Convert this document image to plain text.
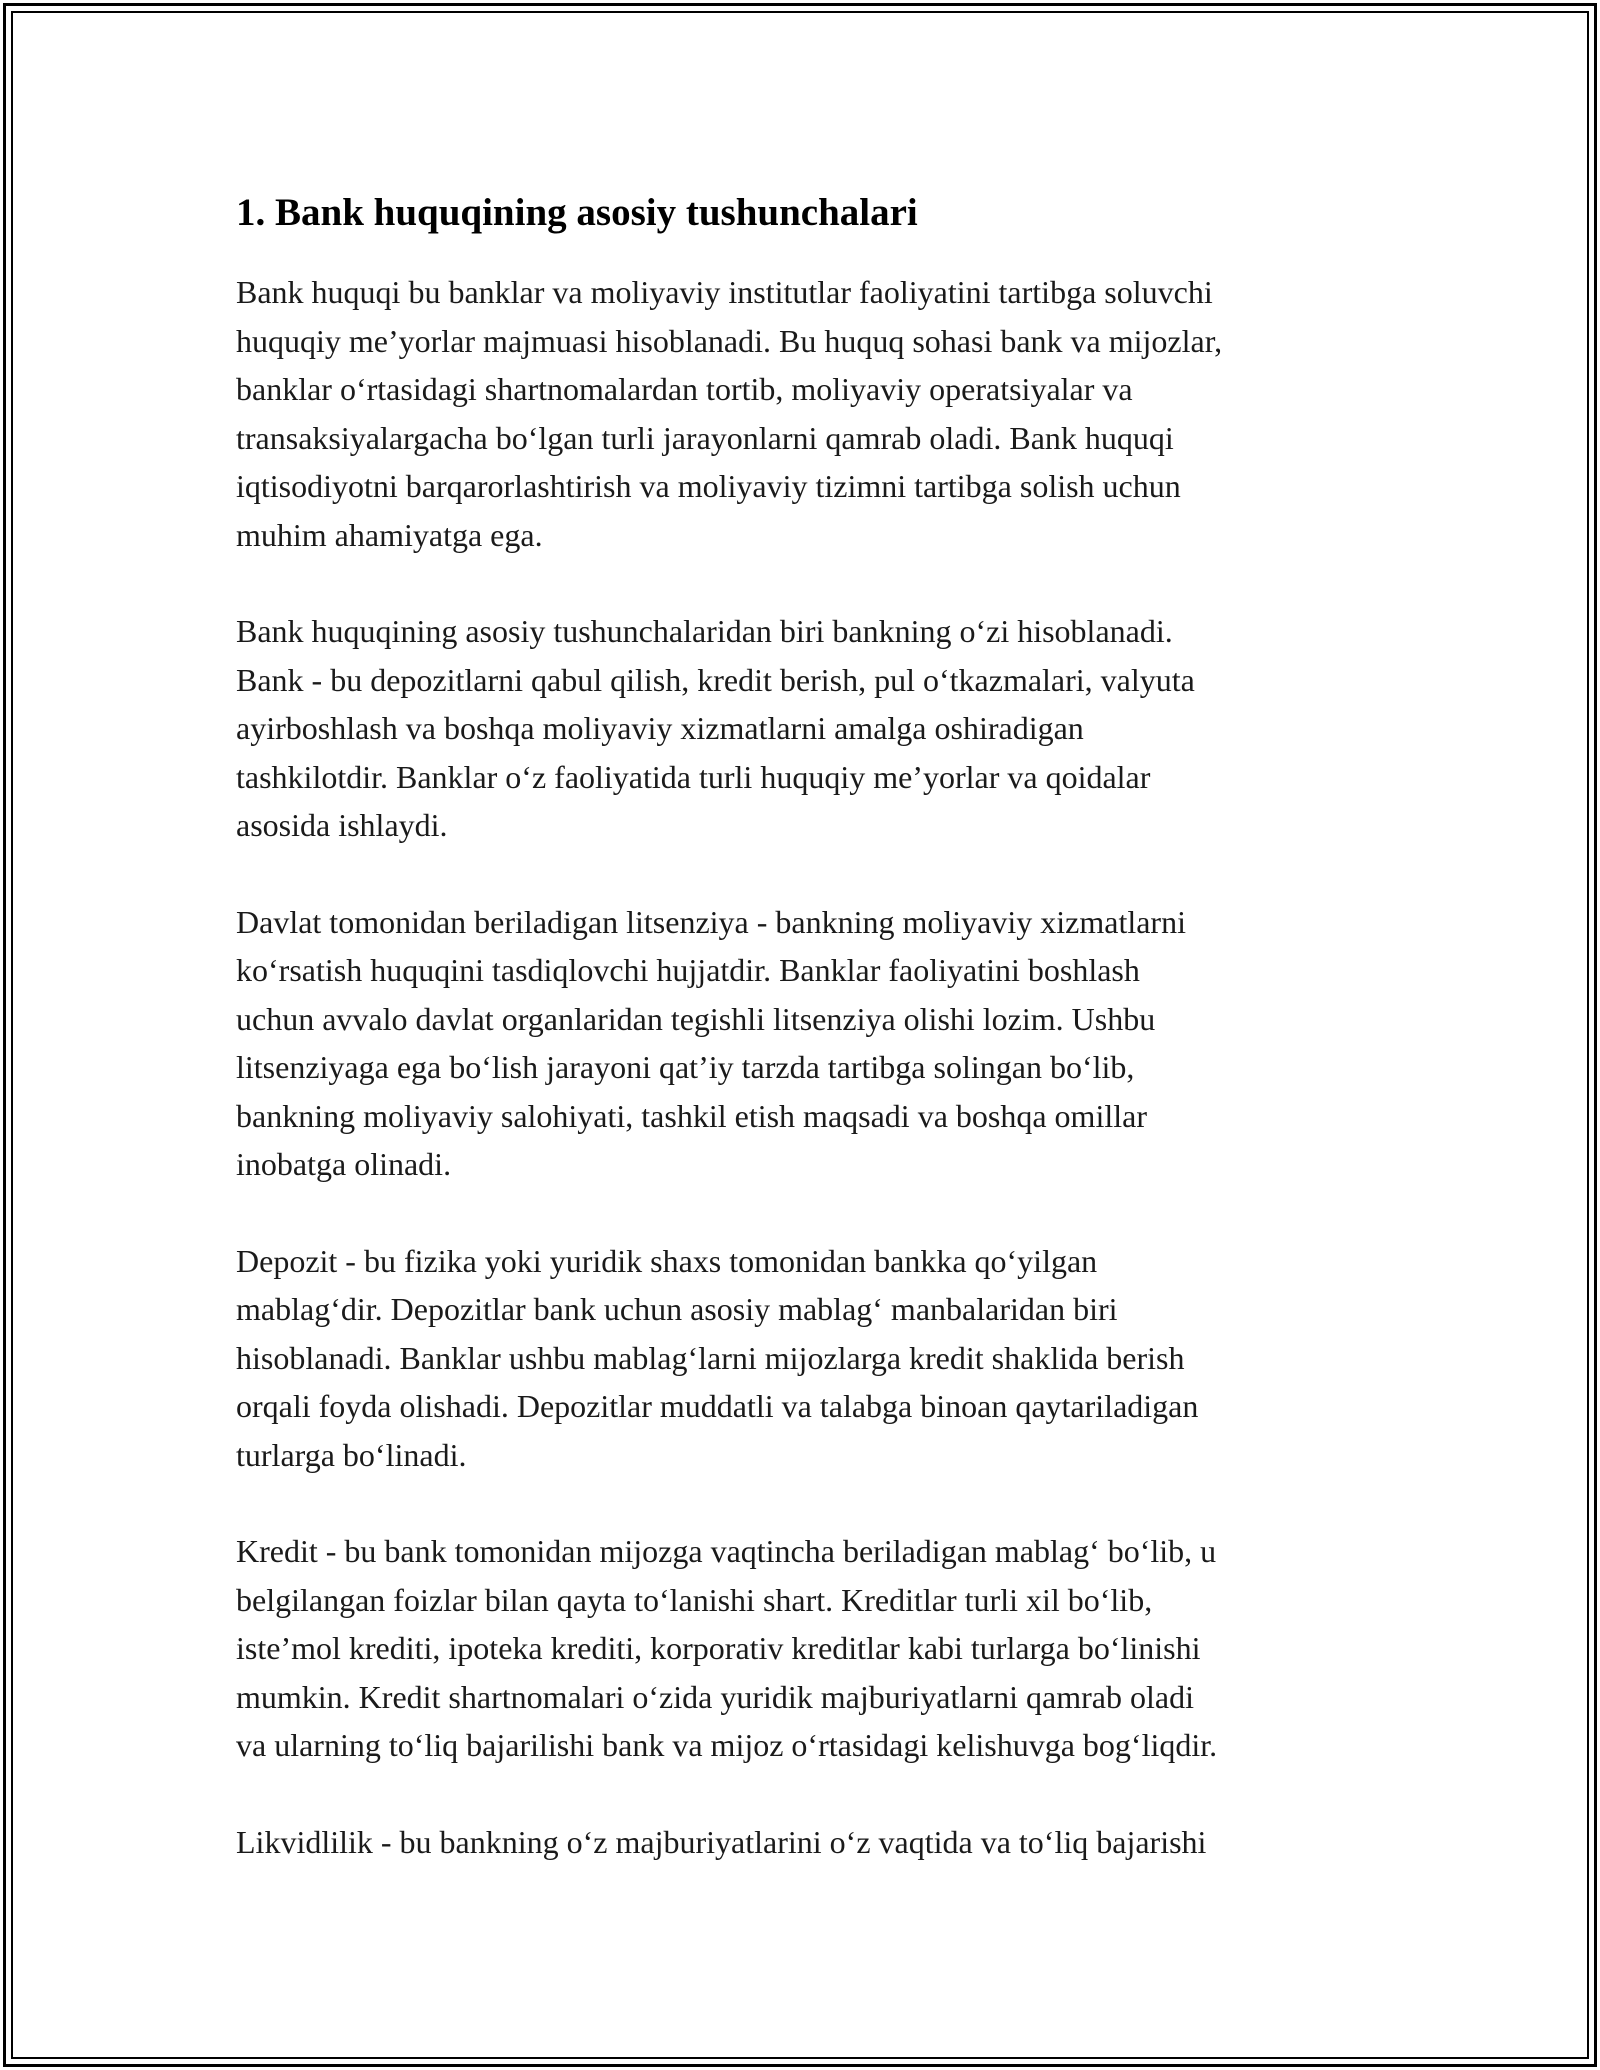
1. Bank huquqining asosiy tushunchalari

Bank huquqi bu banklar va moliyaviy institutlar faoliyatini tartibga soluvchi
huquqiy me’yorlar majmuasi hisoblanadi. Bu huquq sohasi bank va mijozlar,
banklar oʻrtasidagi shartnomalardan tortib, moliyaviy operatsiyalar va
transaksiyalargacha boʻlgan turli jarayonlarni qamrab oladi. Bank huquqi
iqtisodiyotni barqarorlashtirish va moliyaviy tizimni tartibga solish uchun
muhim ahamiyatga ega.

Bank huquqining asosiy tushunchalaridan biri bankning oʻzi hisoblanadi.
Bank - bu depozitlarni qabul qilish, kredit berish, pul oʻtkazmalari, valyuta
ayirboshlash va boshqa moliyaviy xizmatlarni amalga oshiradigan
tashkilotdir. Banklar oʻz faoliyatida turli huquqiy me’yorlar va qoidalar
asosida ishlaydi.

Davlat tomonidan beriladigan litsenziya - bankning moliyaviy xizmatlarni
koʻrsatish huquqini tasdiqlovchi hujjatdir. Banklar faoliyatini boshlash
uchun avvalo davlat organlaridan tegishli litsenziya olishi lozim. Ushbu
litsenziyaga ega boʻlish jarayoni qat’iy tarzda tartibga solingan boʻlib,
bankning moliyaviy salohiyati, tashkil etish maqsadi va boshqa omillar
inobatga olinadi.

Depozit - bu fizika yoki yuridik shaxs tomonidan bankka qoʻyilgan
mablagʻdir. Depozitlar bank uchun asosiy mablagʻ manbalaridan biri
hisoblanadi. Banklar ushbu mablagʻlarni mijozlarga kredit shaklida berish
orqali foyda olishadi. Depozitlar muddatli va talabga binoan qaytariladigan
turlarga boʻlinadi.

Kredit - bu bank tomonidan mijozga vaqtincha beriladigan mablagʻ boʻlib, u
belgilangan foizlar bilan qayta toʻlanishi shart. Kreditlar turli xil boʻlib,
iste’mol krediti, ipoteka krediti, korporativ kreditlar kabi turlarga boʻlinishi
mumkin. Kredit shartnomalari oʻzida yuridik majburiyatlarni qamrab oladi
va ularning toʻliq bajarilishi bank va mijoz oʻrtasidagi kelishuvga bogʻliqdir.

Likvidlilik - bu bankning oʻz majburiyatlarini oʻz vaqtida va toʻliq bajarishi
